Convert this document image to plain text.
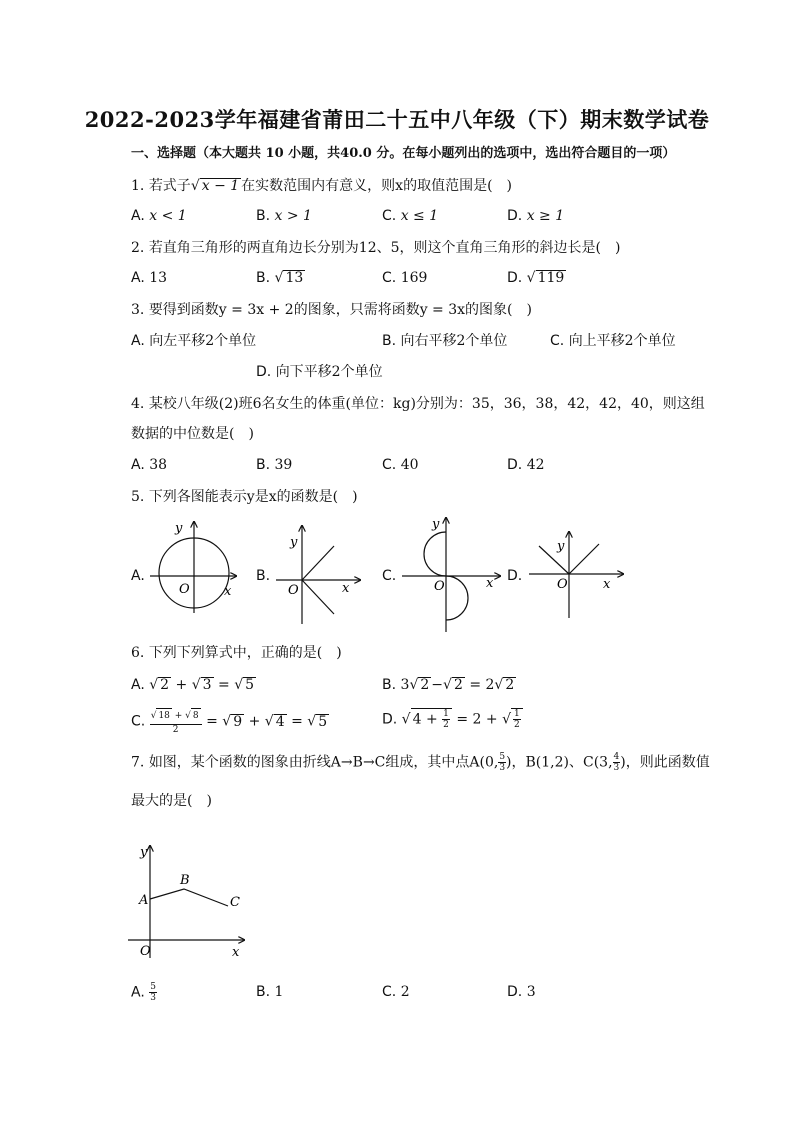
2022-2023学年福建省莆田二十五中八年级（下）期末数学试卷
一、选择题（本大题共 10 小题，共40.0 分。在每小题列出的选项中，选出符合题目的一项）
1. 若式子√ x − 1 在实数范围内有意义，则x的取值范围是(　)
A. x < 1	B. x > 1	C. x ≤ 1	D. x ≥ 1
2. 若直角三角形的两直角边长分别为12、5，则这个直角三角形的斜边长是(　)
A. 13	B. √ 13	C. 169	D. √ 119
3. 要得到函数y = 3x + 2的图象，只需将函数y = 3x的图象(　)
A. 向左平移2个单位	B. 向右平移2个单位	C. 向上平移2个单位
D. 向下平移2个单位
4. 某校八年级(2)班6名女生的体重(单位：kg)分别为：35，36，38，42，42，40，则这组
数据的中位数是(　)
A. 38	B. 39	C. 40	D. 42
5. 下列各图能表示y是x的函数是(　)
A.	B.	C.	D.
y
O	x
y
O	x
y
O	x
y
O	x
6. 下列下列算式中，正确的是(　)
A. √ 2 + √ 3 = √ 5	B. 3√ 2 −√ 2 = 2√ 2
C. $\frac{√ 18 + √ 8}{2}$ = √ 9 + √ 4 = √ 5	D. √ $4 + \frac{1}{2} = 2$ + √ $\frac{1}{2}$
7. 如图，某个函数的图象由折线A→B→C组成，其中点A(0, $\frac{5}{3}$ )，B(1,2)、C(3, $\frac{4}{3}$ )，则此函数值
最大的是(　)
y
A
B
C
O	x
A. $\frac{5}{3}$	B. 1	C. 2	D. 3
